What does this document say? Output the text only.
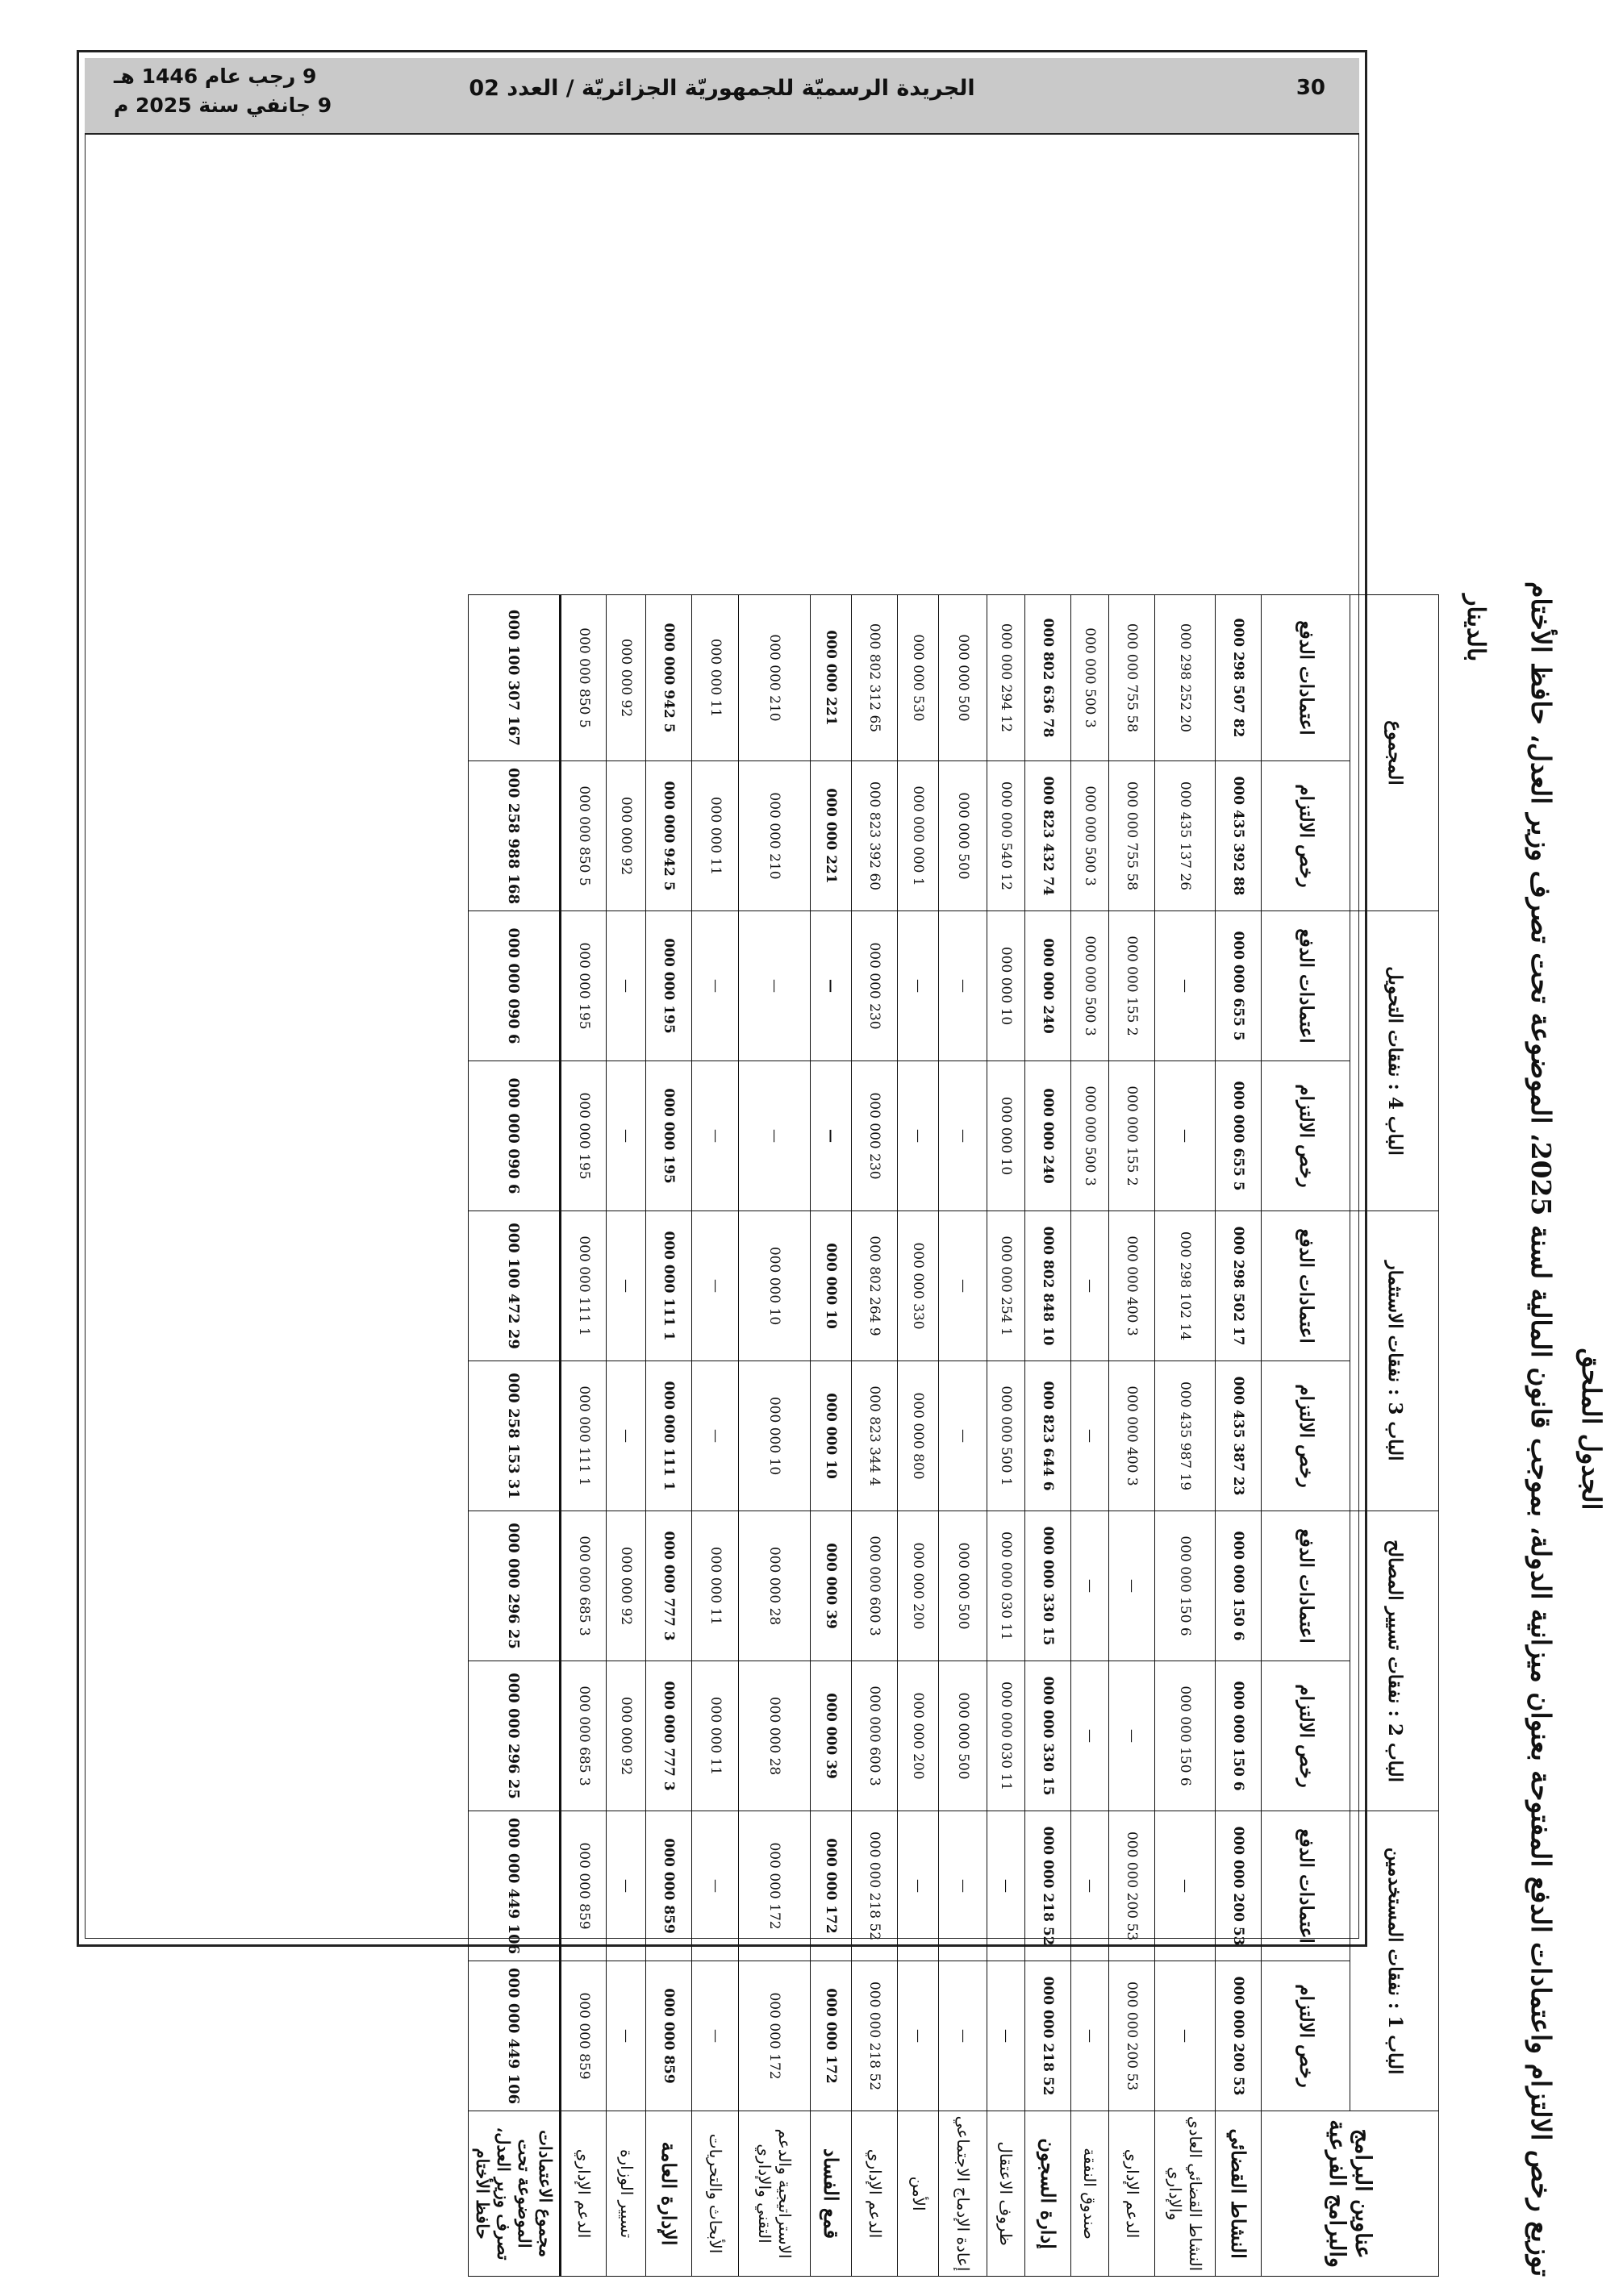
30
الجريدة الرسميّة للجمهوريّة الجزائريّة / العدد 02
9 رجب عام 1446 هـ
9 جانفي سنة 2025 م
الجدول الملحق
توزيع رخص الالتزام واعتمادات الدفع المفتوحة بعنوان ميزانية الدولة، بموجب قانون المالية لسنة 2025، الموضوعة تحت تصرف وزير العدل، حافظ الأختام
بالدينار
عناوين البرامج والبرامج الفرعية	الباب 1 : نفقات المستخدمين		الباب 2 : نفقات تسيير المصالح		الباب 3 : نفقات الاستثمار		الباب 4 : نفقات التحويل		المجموع	
	رخص الالتزام	اعتمادات الدفع	رخص الالتزام	اعتمادات الدفع	رخص الالتزام	اعتمادات الدفع	رخص الالتزام	اعتمادات الدفع	رخص الالتزام	اعتمادات الدفع
النشاط القضائي	53 200 000 000	53 200 000 000	6 150 000 000	6 150 000 000	23 387 435 000	17 502 298 000	5 655 000 000	5 655 000 000	88 392 435 000	82 507 298 000
النشاط القضائي العادي والإداري	—	—	6 150 000 000	6 150 000 000	19 987 435 000	14 102 298 000	—	—	26 137 435 000	20 252 298 000
الدعم الإداري	53 200 000 000	53 200 000 000	—	—	3 400 000 000	3 400 000 000	2 155 000 000	2 155 000 000	58 755 000 000	58 755 000 000
صندوق النفقة	—	—	—	—	—	—	3 500 000 000	3 500 000 000	3 500 000 000	3 500 000 000
إدارة السجون	52 218 000 000	52 218 000 000	15 330 000 000	15 330 000 000	6 644 823 000	10 848 802 000	240 000 000	240 000 000	74 432 823 000	78 636 802 000
ظروف الاعتقال	—	—	11 030 000 000	11 030 000 000	1 500 000 000	1 254 000 000	10 000 000	10 000 000	12 540 000 000	12 294 000 000
إعادة الإدماج الاجتماعي	—	—	500 000 000	500 000 000	—	—	—	—	500 000 000	500 000 000
الأمن	—	—	200 000 000	200 000 000	800 000 000	330 000 000	—	—	1 000 000 000	530 000 000
الدعم الإداري	52 218 000 000	52 218 000 000	3 600 000 000	3 600 000 000	4 344 823 000	9 264 802 000	230 000 000	230 000 000	60 392 823 000	65 312 802 000
قمع الفساد	172 000 000	172 000 000	39 000 000	39 000 000	10 000 000	10 000 000	—	—	221 000 000	221 000 000
الاستراتيجية والدعم التقني والإداري	172 000 000	172 000 000	28 000 000	28 000 000	10 000 000	10 000 000	—	—	210 000 000	210 000 000
الأبحاث والتحريات	—	—	11 000 000	11 000 000	—	—	—	—	11 000 000	11 000 000
الإدارة العامة	859 000 000	859 000 000	3 777 000 000	3 777 000 000	1 111 000 000	1 111 000 000	195 000 000	195 000 000	5 942 000 000	5 942 000 000
تسيير الوزارة	—	—	92 000 000	92 000 000	—	—	—	—	92 000 000	92 000 000
الدعم الإداري	859 000 000	859 000 000	3 685 000 000	3 685 000 000	1 111 000 000	1 111 000 000	195 000 000	195 000 000	5 850 000 000	5 850 000 000
مجموع الاعتمادات الموضوعة تحت تصرف وزير العدل، حافظ الأختام	106 449 000 000	106 449 000 000	25 296 000 000	25 296 000 000	31 153 258 000	29 472 100 000	6 090 000 000	6 090 000 000	168 988 258 000	167 307 100 000
